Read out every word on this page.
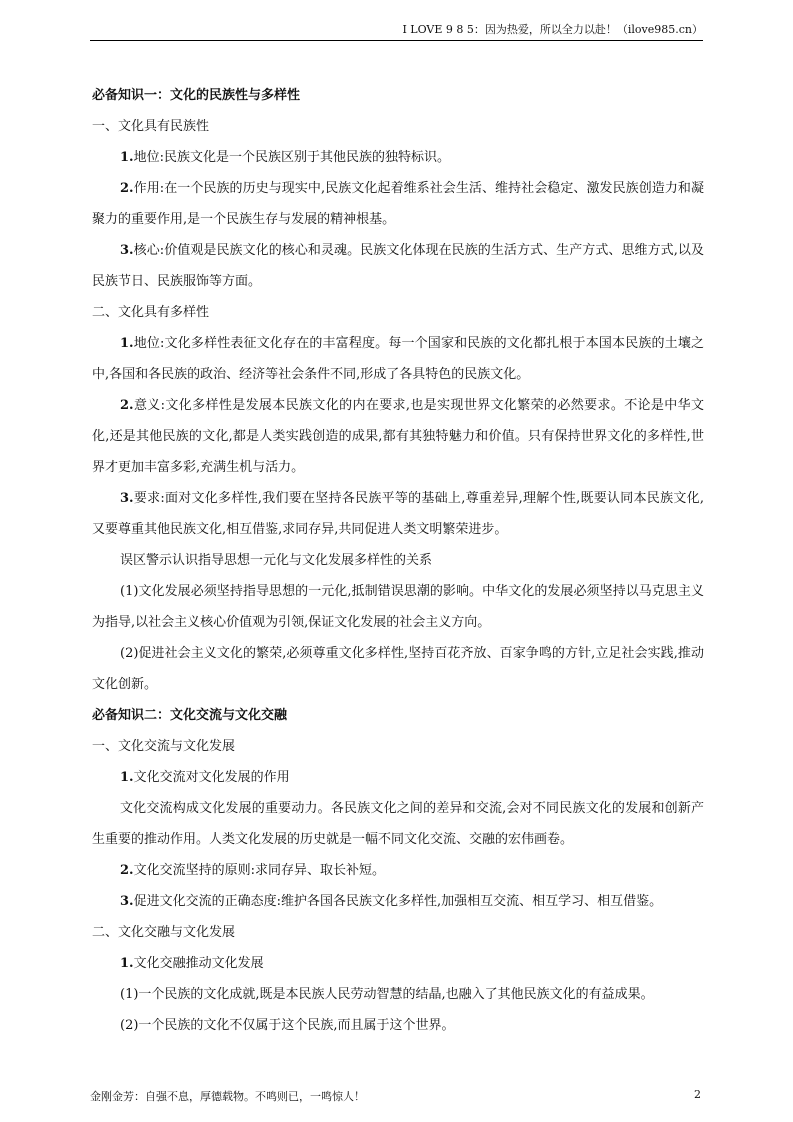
I LOVE 9 8 5：因为热爱，所以全力以赴！（ilove985.cn）
必备知识一：文化的民族性与多样性
一、文化具有民族性

1.地位:民族文化是一个民族区别于其他民族的独特标识。

2.作用:在一个民族的历史与现实中,民族文化起着维系社会生活、维持社会稳定、激发民族创造力和凝聚力的重要作用,是一个民族生存与发展的精神根基。

3.核心:价值观是民族文化的核心和灵魂。民族文化体现在民族的生活方式、生产方式、思维方式,以及民族节日、民族服饰等方面。

二、文化具有多样性

1.地位:文化多样性表征文化存在的丰富程度。每一个国家和民族的文化都扎根于本国本民族的土壤之中,各国和各民族的政治、经济等社会条件不同,形成了各具特色的民族文化。

2.意义:文化多样性是发展本民族文化的内在要求,也是实现世界文化繁荣的必然要求。不论是中华文化,还是其他民族的文化,都是人类实践创造的成果,都有其独特魅力和价值。只有保持世界文化的多样性,世界才更加丰富多彩,充满生机与活力。

3.要求:面对文化多样性,我们要在坚持各民族平等的基础上,尊重差异,理解个性,既要认同本民族文化,又要尊重其他民族文化,相互借鉴,求同存异,共同促进人类文明繁荣进步。

误区警示认识指导思想一元化与文化发展多样性的关系

(1)文化发展必须坚持指导思想的一元化,抵制错误思潮的影响。中华文化的发展必须坚持以马克思主义为指导,以社会主义核心价值观为引领,保证文化发展的社会主义方向。

(2)促进社会主义文化的繁荣,必须尊重文化多样性,坚持百花齐放、百家争鸣的方针,立足社会实践,推动文化创新。

必备知识二：文化交流与文化交融
一、文化交流与文化发展
1.文化交流对文化发展的作用

文化交流构成文化发展的重要动力。各民族文化之间的差异和交流,会对不同民族文化的发展和创新产生重要的推动作用。人类文化发展的历史就是一幅不同文化交流、交融的宏伟画卷。

2.文化交流坚持的原则:求同存异、取长补短。
3.促进文化交流的正确态度:维护各国各民族文化多样性,加强相互交流、相互学习、相互借鉴。
二、文化交融与文化发展
1.文化交融推动文化发展
(1)一个民族的文化成就,既是本民族人民劳动智慧的结晶,也融入了其他民族文化的有益成果。
(2)一个民族的文化不仅属于这个民族,而且属于这个世界。
金刚金芳：自强不息，厚德载物。不鸣则已，一鸣惊人！	2
